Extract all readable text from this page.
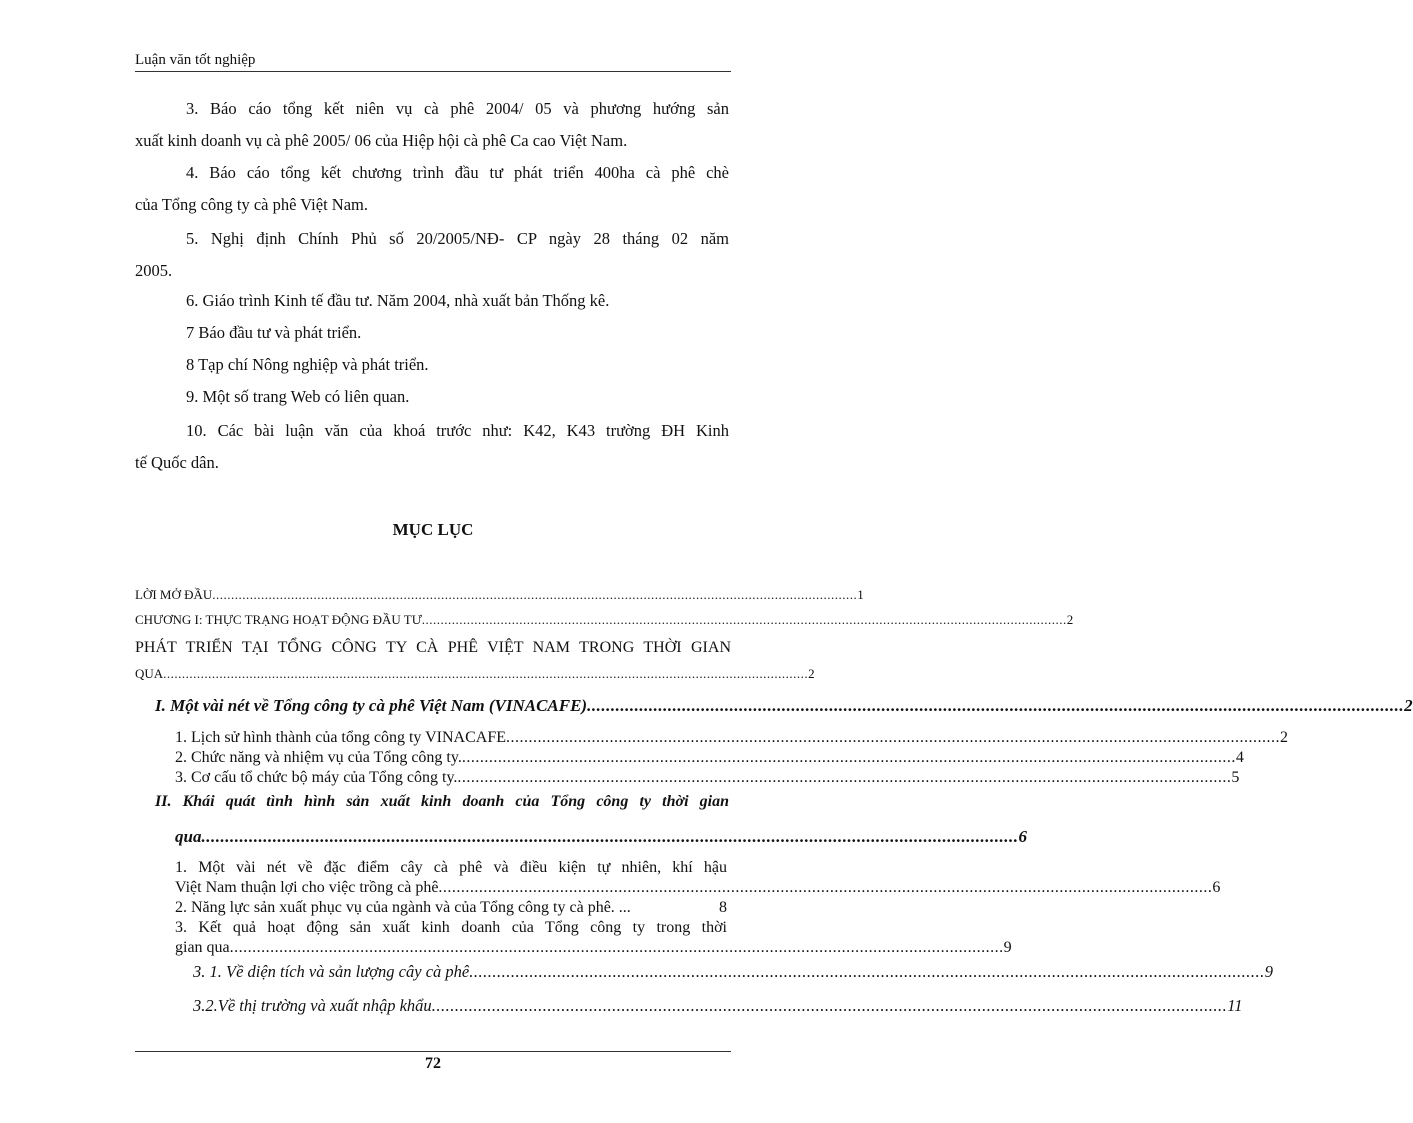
Luận văn tốt nghiệp
3. Báo cáo tổng kết niên vụ cà phê 2004/ 05 và phương hướng sản
xuất kinh doanh vụ cà phê 2005/ 06 của Hiệp hội cà phê Ca cao Việt Nam.
4. Báo cáo tổng kết chương trình đầu tư phát triển 400ha cà phê chè
của Tổng công ty cà phê Việt Nam.
5. Nghị định Chính Phủ số 20/2005/NĐ- CP ngày 28 tháng 02 năm
2005.
6. Giáo trình Kinh tế đầu tư. Năm 2004, nhà xuất bản Thống kê.
7 Báo đầu tư và phát triển.
8 Tạp chí Nông nghiệp và phát triển.
9. Một số trang Web có liên quan.
10. Các bài luận văn của khoá trước như: K42, K43 trường ĐH Kinh
tế Quốc dân.
MỤC LỤC
LỜI MỞ ĐẦU ............................................................................................................................................................................ 1
CHƯƠNG I: THỰC TRẠNG HOẠT ĐỘNG ĐẦU TƯ ............................................................................................................................................................................ 2
PHÁT TRIỂN TẠI TỔNG CÔNG TY CÀ PHÊ VIỆT NAM TRONG THỜI GIAN
QUA ............................................................................................................................................................................ 2
I. Một vài nét về Tổng công ty cà phê Việt Nam (VINACAFE) ............................................................................................................................................................................ 2
1. Lịch sử hình thành của tổng công ty VINACAFE ............................................................................................................................................................................ 2
2. Chức năng và nhiệm vụ của Tổng công ty. ............................................................................................................................................................................ 4
3. Cơ cấu tổ chức bộ máy của Tổng công ty. ............................................................................................................................................................................ 5
II. Khái quát tình hình sản xuất kinh doanh của Tổng công ty thời gian
qua ............................................................................................................................................................................ 6
1. Một vài nét về đặc điểm cây cà phê và điều kiện tự nhiên, khí hậu
Việt Nam thuận lợi cho việc trồng cà phê ............................................................................................................................................................................ 6
2. Năng lực sản xuất phục vụ của ngành và của Tổng công ty cà phê. ...	8
3. Kết quả hoạt động sản xuất kinh doanh của Tổng công ty trong thời
gian qua ............................................................................................................................................................................ 9
3. 1. Về diện tích và sản lượng cây cà phê ............................................................................................................................................................................ 9
3.2.Về thị trường và xuất nhập khẩu ............................................................................................................................................................................ 11
72
